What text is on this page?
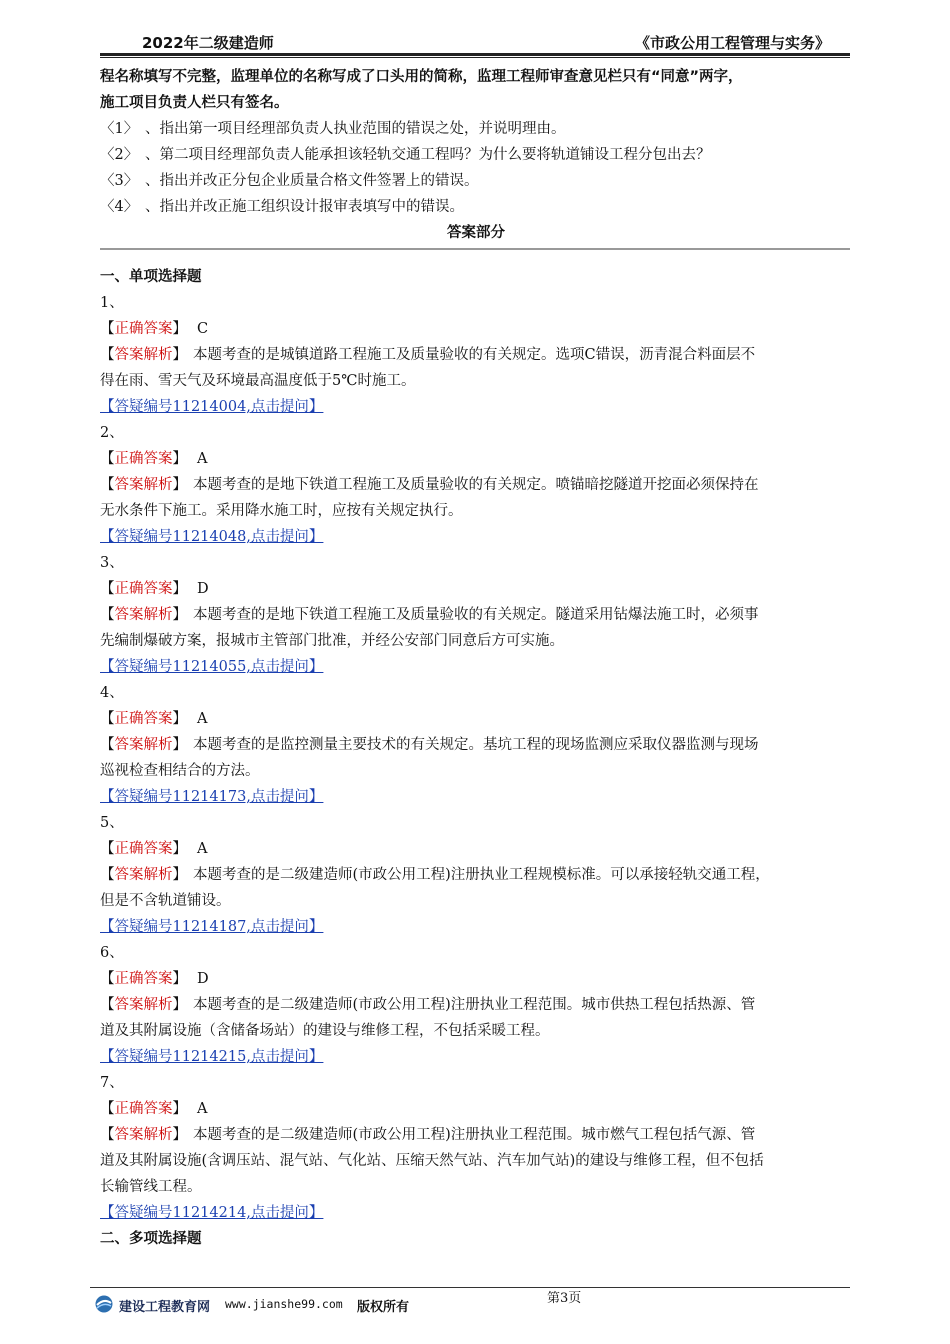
2022年二级建造师	《市政公用工程管理与实务》
程名称填写不完整，监理单位的名称写成了口头用的简称，监理工程师审查意见栏只有“同意”两字，
施工项目负责人栏只有签名。
〈1〉 、指出第一项目经理部负责人执业范围的错误之处，并说明理由。
〈2〉 、第二项目经理部负责人能承担该轻轨交通工程吗？为什么要将轨道铺设工程分包出去？
〈3〉 、指出并改正分包企业质量合格文件签署上的错误。
〈4〉 、指出并改正施工组织设计报审表填写中的错误。
答案部分
一、单项选择题
1、
【正确答案】 C
【答案解析】 本题考查的是城镇道路工程施工及质量验收的有关规定。选项C错误，沥青混合料面层不
得在雨、雪天气及环境最高温度低于5℃时施工。
【答疑编号11214004,点击提问】
2、
【正确答案】 A
【答案解析】 本题考查的是地下铁道工程施工及质量验收的有关规定。喷锚暗挖隧道开挖面必须保持在
无水条件下施工。采用降水施工时，应按有关规定执行。
【答疑编号11214048,点击提问】
3、
【正确答案】 D
【答案解析】 本题考查的是地下铁道工程施工及质量验收的有关规定。隧道采用钻爆法施工时，必须事
先编制爆破方案，报城市主管部门批准，并经公安部门同意后方可实施。
【答疑编号11214055,点击提问】
4、
【正确答案】 A
【答案解析】 本题考查的是监控测量主要技术的有关规定。基坑工程的现场监测应采取仪器监测与现场
巡视检查相结合的方法。
【答疑编号11214173,点击提问】
5、
【正确答案】 A
【答案解析】 本题考查的是二级建造师(市政公用工程)注册执业工程规模标准。可以承接轻轨交通工程，
但是不含轨道铺设。
【答疑编号11214187,点击提问】
6、
【正确答案】 D
【答案解析】 本题考查的是二级建造师(市政公用工程)注册执业工程范围。城市供热工程包括热源、管
道及其附属设施（含储备场站）的建设与维修工程，不包括采暖工程。
【答疑编号11214215,点击提问】
7、
【正确答案】 A
【答案解析】 本题考查的是二级建造师(市政公用工程)注册执业工程范围。城市燃气工程包括气源、管
道及其附属设施(含调压站、混气站、气化站、压缩天然气站、汽车加气站)的建设与维修工程，但不包括
长输管线工程。
【答疑编号11214214,点击提问】
二、多项选择题
建设工程教育网 www.jianshe99.com 版权所有
第3页
